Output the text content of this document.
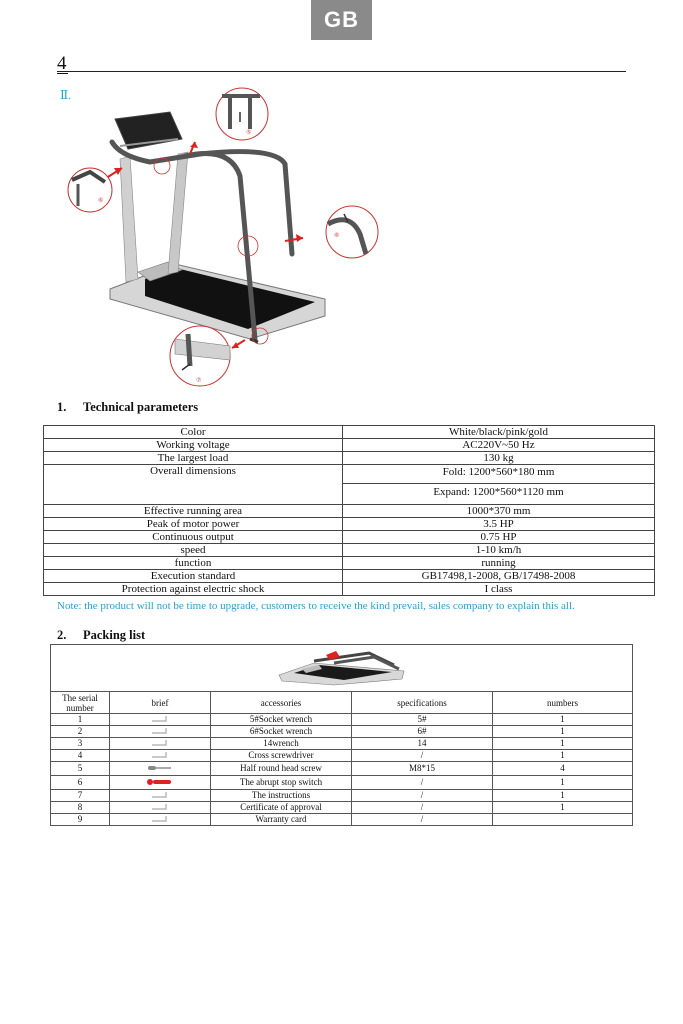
GB
4
Ⅱ.
⑤
⑥
⑥
⑦
1. Technical parameters
Color	White/black/pink/gold
Working voltage	AC220V~50 Hz
The largest load	130 kg
Overall dimensions	Fold: 1200*560*180 mm
	Expand: 1200*560*1120 mm
Effective running area	1000*370 mm
Peak of motor power	3.5 HP
Continuous output	0.75 HP
speed	1-10 km/h
function	running
Execution standard	GB17498,1-2008, GB/17498-2008
Protection against electric shock	I class
Note: the product will not be time to upgrade, customers to receive the kind prevail, sales company to explain this all.
2. Packing list

The serial number	brief	accessories	specifications	numbers
1		5#Socket wrench	5#	1
2		6#Socket wrench	6#	1
3		14wrench	14	1
4		Cross screwdriver	/	1
5		Half round head screw	M8*15	4
6		The abrupt stop switch	/	1
7		The instructions	/	1
8		Certificate of approval	/	1
9		Warranty card	/	
